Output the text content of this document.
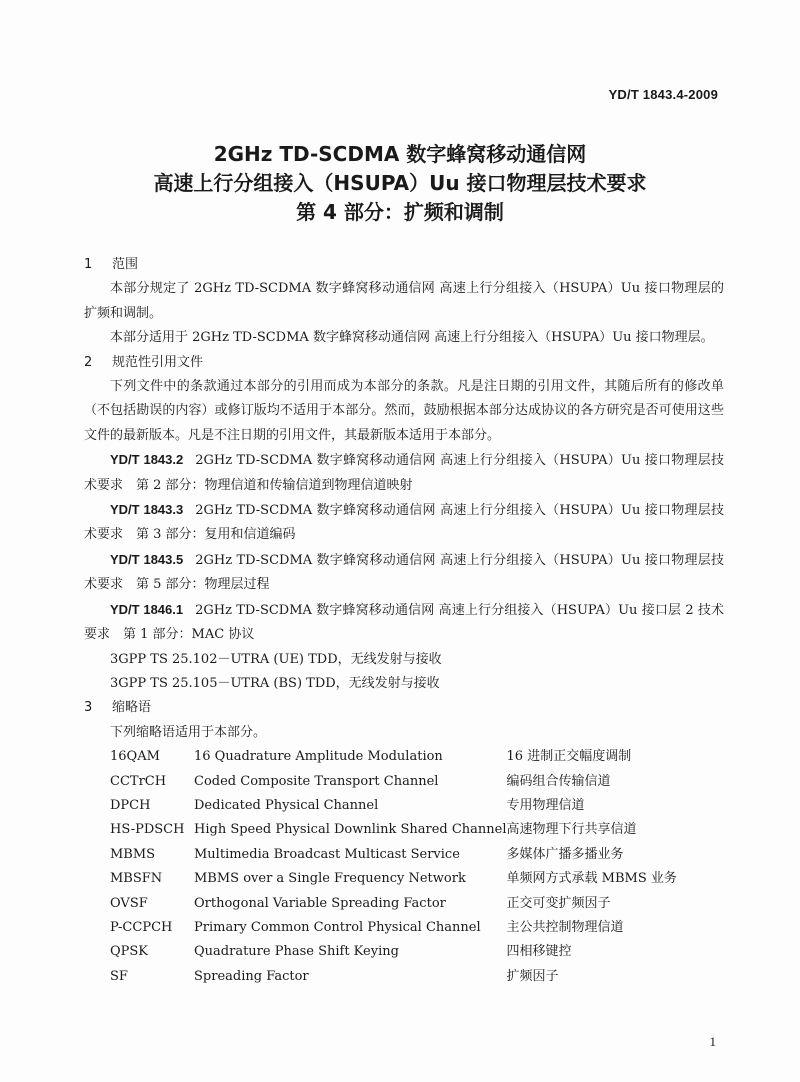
YD/T 1843.4-2009
2GHz TD-SCDMA 数字蜂窝移动通信网
高速上行分组接入（HSUPA）Uu 接口物理层技术要求
第 4 部分：扩频和调制
1	范围
本部分规定了 2GHz TD-SCDMA 数字蜂窝移动通信网 高速上行分组接入（HSUPA）Uu 接口物理层的扩频和调制。
本部分适用于 2GHz TD-SCDMA 数字蜂窝移动通信网 高速上行分组接入（HSUPA）Uu 接口物理层。
2	规范性引用文件
下列文件中的条款通过本部分的引用而成为本部分的条款。凡是注日期的引用文件，其随后所有的修改单（不包括勘误的内容）或修订版均不适用于本部分。然而，鼓励根据本部分达成协议的各方研究是否可使用这些文件的最新版本。凡是不注日期的引用文件，其最新版本适用于本部分。
YD/T 1843.2 2GHz TD-SCDMA 数字蜂窝移动通信网 高速上行分组接入（HSUPA）Uu 接口物理层技术要求　第 2 部分：物理信道和传输信道到物理信道映射
YD/T 1843.3 2GHz TD-SCDMA 数字蜂窝移动通信网 高速上行分组接入（HSUPA）Uu 接口物理层技术要求　第 3 部分：复用和信道编码
YD/T 1843.5 2GHz TD-SCDMA 数字蜂窝移动通信网 高速上行分组接入（HSUPA）Uu 接口物理层技术要求　第 5 部分：物理层过程
YD/T 1846.1 2GHz TD-SCDMA 数字蜂窝移动通信网 高速上行分组接入（HSUPA）Uu 接口层 2 技术要求　第 1 部分：MAC 协议
3GPP TS 25.102－UTRA (UE) TDD，无线发射与接收
3GPP TS 25.105－UTRA (BS) TDD，无线发射与接收
3	缩略语
下列缩略语适用于本部分。
16QAM	16 Quadrature Amplitude Modulation	16 进制正交幅度调制
CCTrCH	Coded Composite Transport Channel	编码组合传输信道
DPCH	Dedicated Physical Channel	专用物理信道
HS-PDSCH	High Speed Physical Downlink Shared Channel	高速物理下行共享信道
MBMS	Multimedia Broadcast Multicast Service	多媒体广播多播业务
MBSFN	MBMS over a Single Frequency Network	单频网方式承载 MBMS 业务
OVSF	Orthogonal Variable Spreading Factor	正交可变扩频因子
P-CCPCH	Primary Common Control Physical Channel	主公共控制物理信道
QPSK	Quadrature Phase Shift Keying	四相移键控
SF	Spreading Factor	扩频因子
1
